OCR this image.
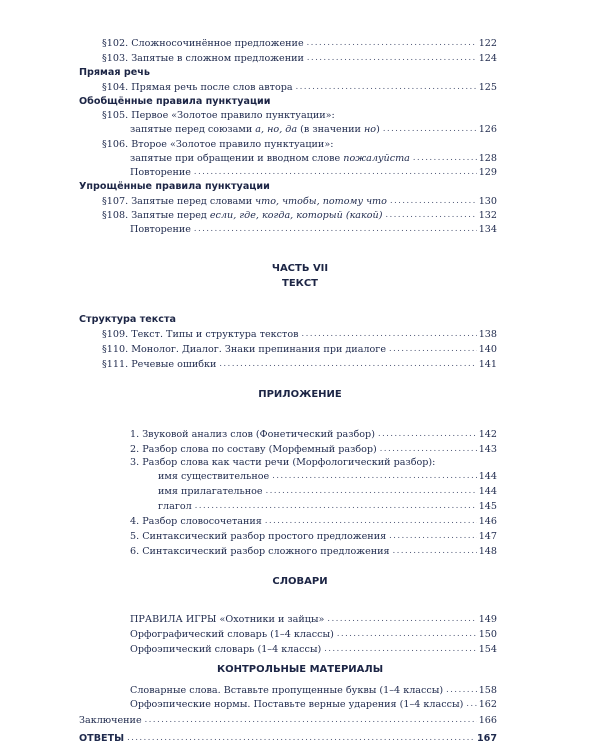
§102. Сложносочинённое предложение .....	122
§103. Запятые в сложном предложении .....	124
Прямая речь
§104. Прямая речь после слов автора .....	125
Обобщённые правила пунктуации
§105. Первое «Золотое правило пунктуации»:
запятые перед союзами а, но, да (в значении но) .....	126
§106. Второе «Золотое правило пунктуации»:
запятые при обращении и вводном слове пожалуйста .....	128
Повторение .....	129
Упрощённые правила пунктуации
§107. Запятые перед словами что, чтобы, потому что .....	130
§108. Запятые перед если, где, когда, который (какой) .....	132
Повторение .....	134
ЧАСТЬ VII
ТЕКСТ
Структура текста
§109. Текст. Типы и структура текстов .....	138
§110. Монолог. Диалог. Знаки препинания при диалоге .....	140
§111. Речевые ошибки .....	141
ПРИЛОЖЕНИЕ
1. Звуковой анализ слов (Фонетический разбор) .....	142
2. Разбор слова по составу (Морфемный разбор) .....	143
3. Разбор слова как части речи (Морфологический разбор):
имя существительное .....	144
имя прилагательное .....	144
глагол .....	145
4. Разбор словосочетания .....	146
5. Синтаксический разбор простого предложения .....	147
6. Синтаксический разбор сложного предложения .....	148
СЛОВАРИ
ПРАВИЛА ИГРЫ «Охотники и зайцы» .....	149
Орфографический словарь (1–4 классы) .....	150
Орфоэпический словарь (1–4 классы) .....	154
КОНТРОЛЬНЫЕ МАТЕРИАЛЫ
Словарные слова. Вставьте пропущенные буквы (1–4 классы) .....	158
Орфоэпические нормы. Поставьте верные ударения (1–4 классы) ..... 162
Заключение .....	166
ОТВЕТЫ .....	167
